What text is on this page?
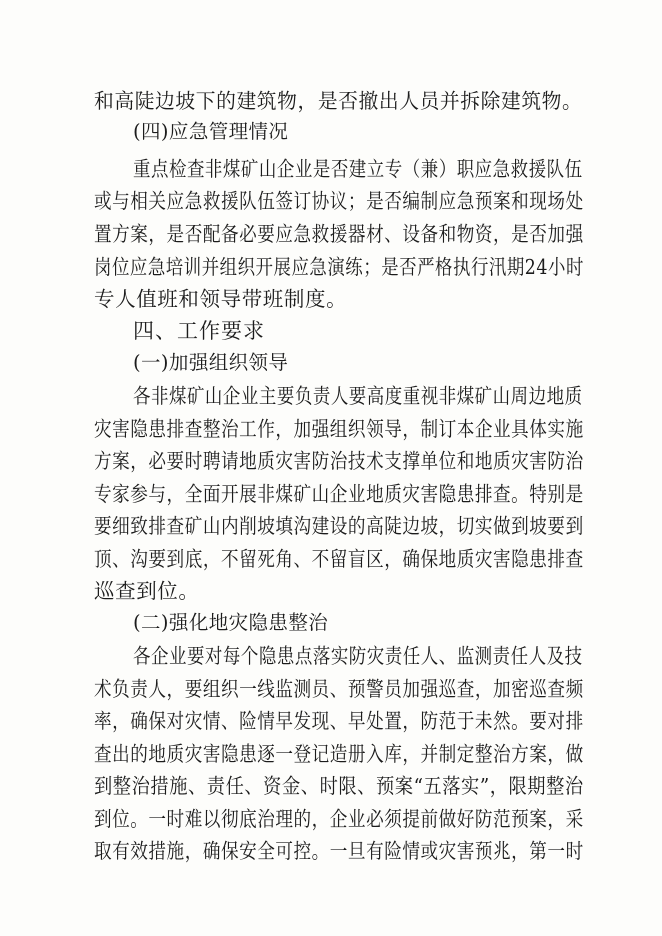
和高陡边坡下的建筑物，是否撤出人员并拆除建筑物。
(四)应急管理情况
重点检查非煤矿山企业是否建立专（兼）职应急救援队伍
或与相关应急救援队伍签订协议；是否编制应急预案和现场处
置方案，是否配备必要应急救援器材、设备和物资，是否加强
岗位应急培训并组织开展应急演练；是否严格执行汛期24小时
专人值班和领导带班制度。
四、工作要求
(一)加强组织领导
各非煤矿山企业主要负责人要高度重视非煤矿山周边地质
灾害隐患排查整治工作，加强组织领导，制订本企业具体实施
方案，必要时聘请地质灾害防治技术支撑单位和地质灾害防治
专家参与，全面开展非煤矿山企业地质灾害隐患排查。特别是
要细致排查矿山内削坡填沟建设的高陡边坡，切实做到坡要到
顶、沟要到底，不留死角、不留盲区，确保地质灾害隐患排查
巡查到位。
(二)强化地灾隐患整治
各企业要对每个隐患点落实防灾责任人、监测责任人及技
术负责人，要组织一线监测员、预警员加强巡查，加密巡查频
率，确保对灾情、险情早发现、早处置，防范于未然。要对排
查出的地质灾害隐患逐一登记造册入库，并制定整治方案，做
到整治措施、责任、资金、时限、预案“五落实”，限期整治
到位。一时难以彻底治理的，企业必须提前做好防范预案，采
取有效措施，确保安全可控。一旦有险情或灾害预兆，第一时
